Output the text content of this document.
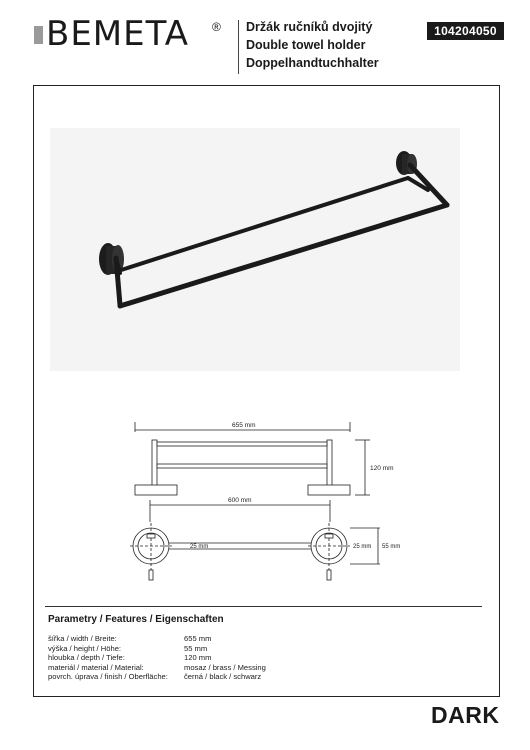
BEMETA ® Držák ručníků dvojitý
Double towel holder
Doppelhandtuchhalter
104204050
655 mm
120 mm
600 mm
25 mm	25 mm 55 mm
Parametry / Features / Eigenschaften
šířka / width / Breite:	655 mm
výška / height / Höhe:	55 mm
hloubka / depth / Tiefe:	120 mm
materiál / material / Material:	mosaz / brass / Messing
povrch. úprava / finish / Oberfläche:	černá / black / schwarz
DARK
